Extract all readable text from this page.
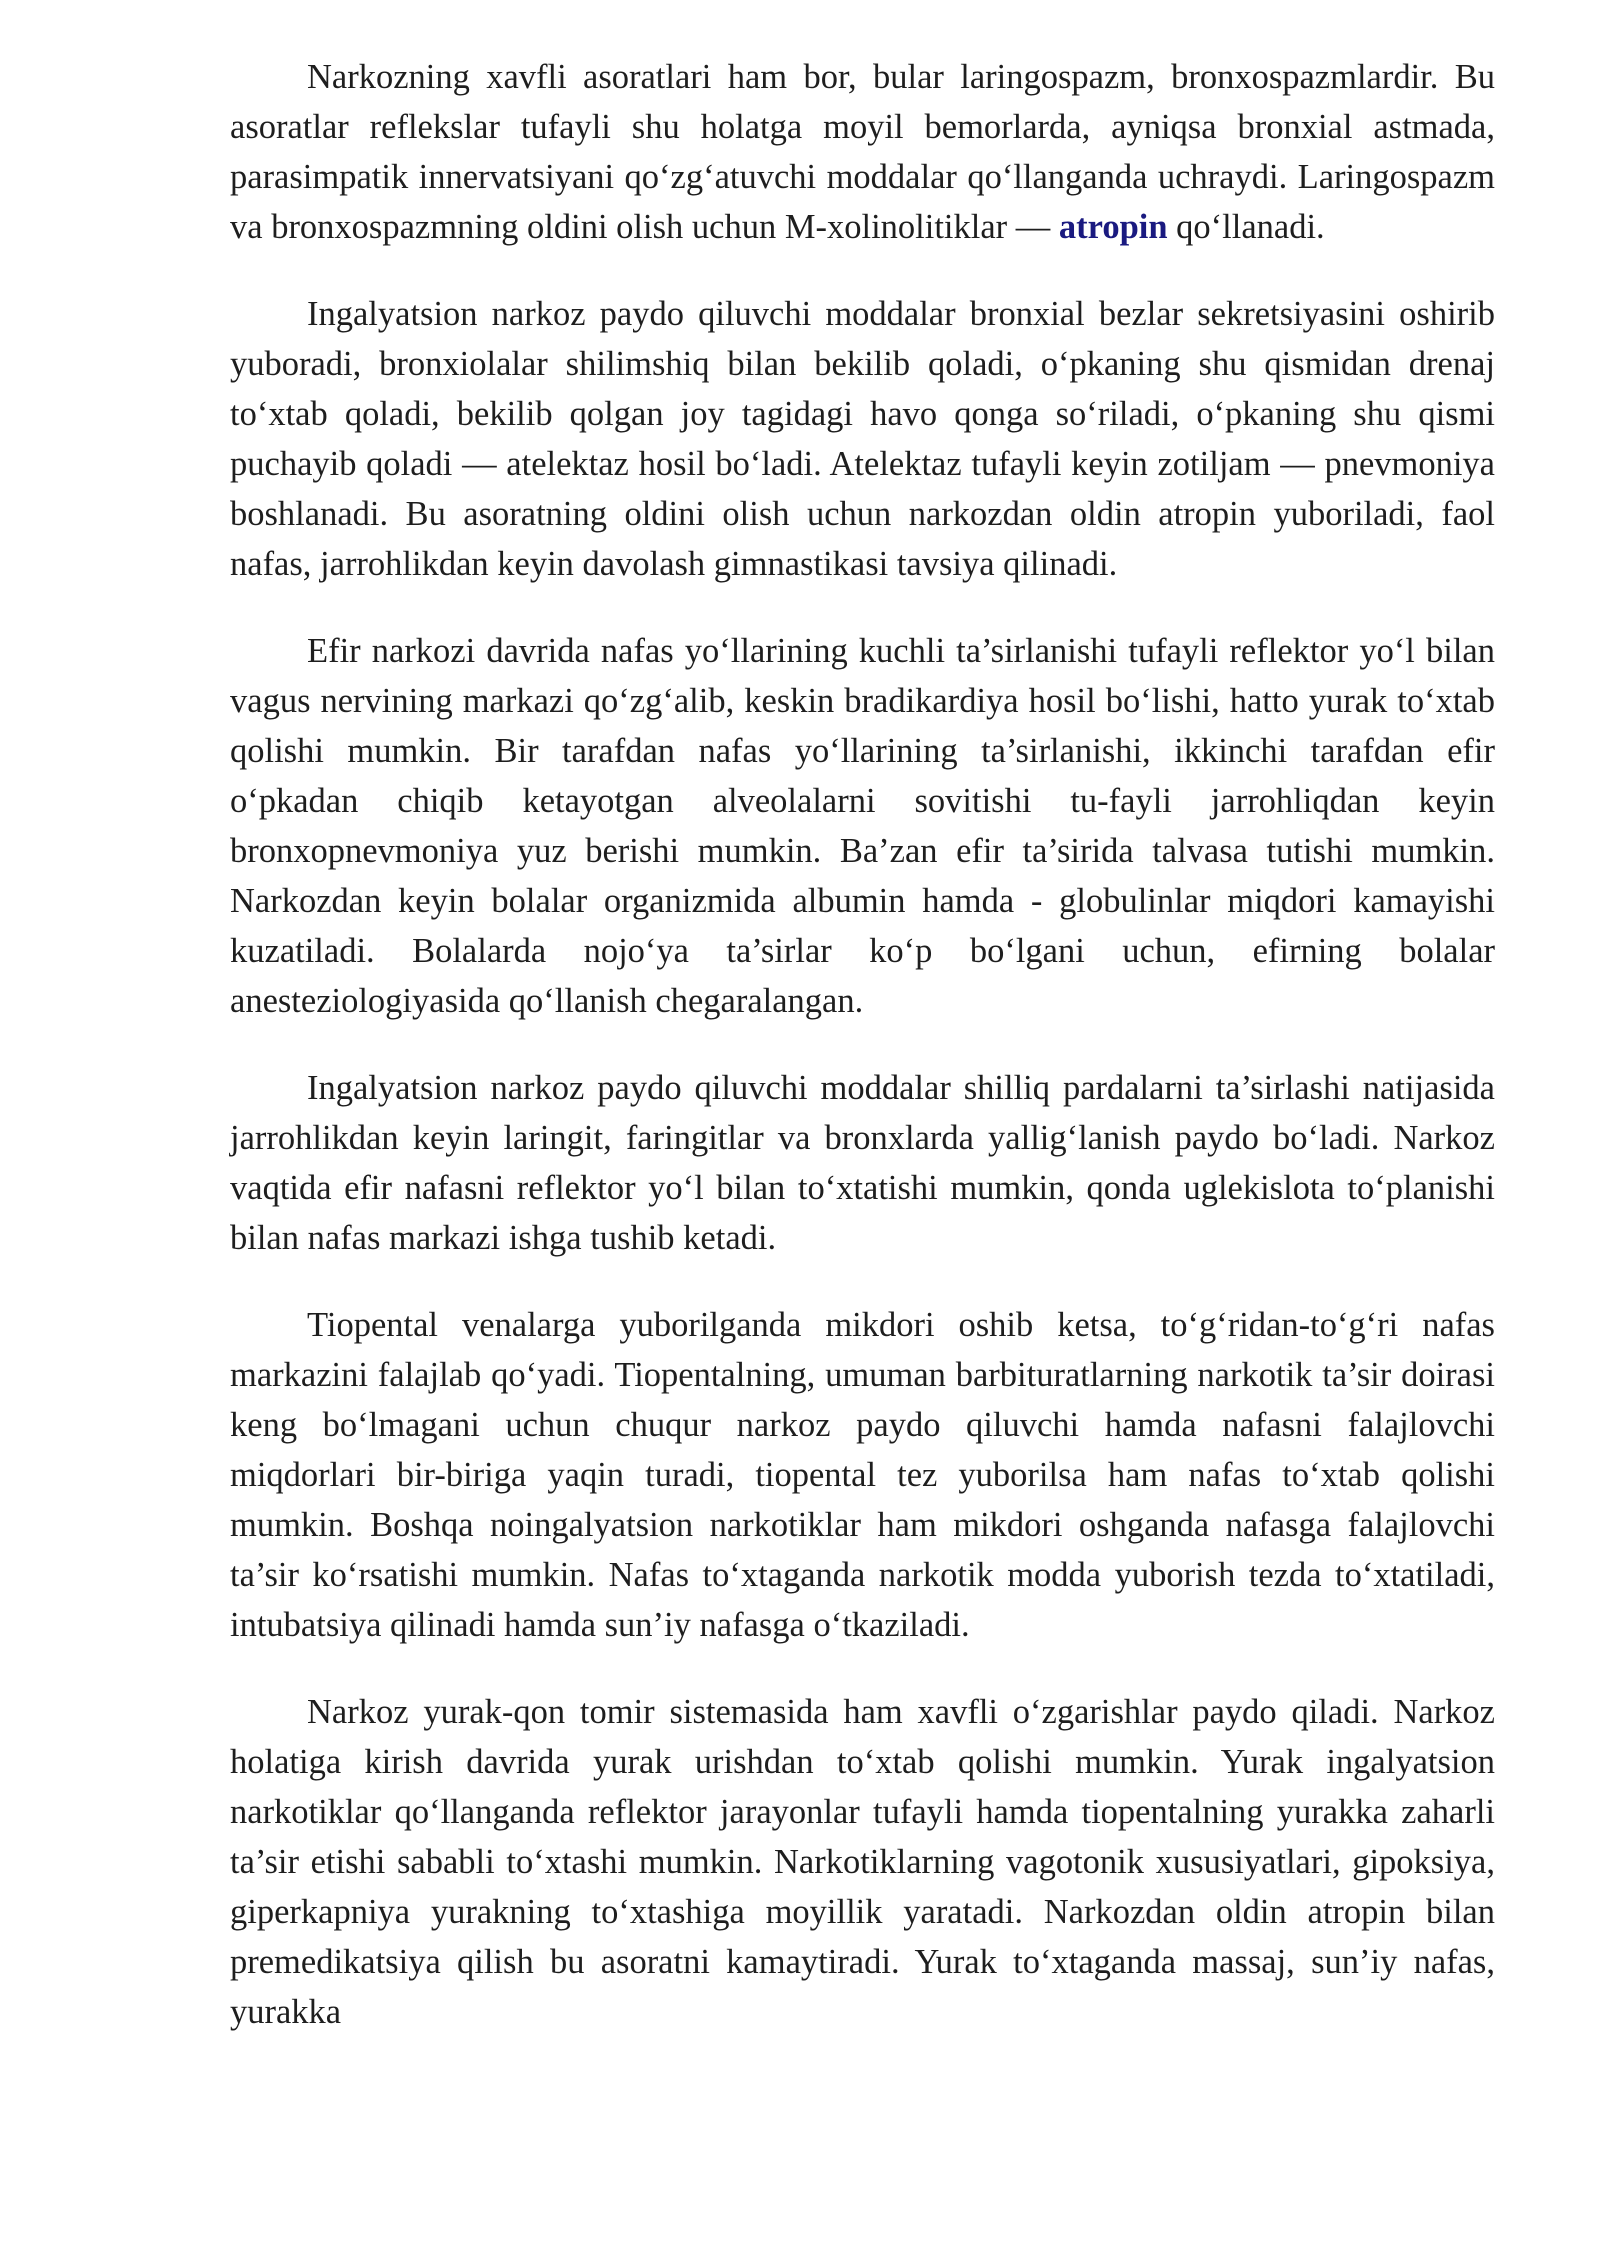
Narkozning xavfli asoratlari ham bor, bular laringospazm, bronxospazmlardir. Bu asoratlar reflekslar tufayli shu holatga moyil bemorlarda, ayniqsa bronxial astmada, parasimpatik innervatsiyani qo‘zg‘atuvchi moddalar qo‘llanganda uchraydi. Laringospazm va bronxospazmning oldini olish uchun M-xolinolitiklar — atropin qo‘llanadi.

Ingalyatsion narkoz paydo qiluvchi moddalar bronxial bezlar sekretsiyasini oshirib yuboradi, bronxiolalar shilimshiq bilan bekilib qoladi, o‘pkaning shu qismidan drenaj to‘xtab qoladi, bekilib qolgan joy tagidagi havo qonga so‘riladi, o‘pkaning shu qismi puchayib qoladi — atelektaz hosil bo‘ladi. Atelektaz tufayli keyin zotiljam — pnevmoniya boshlanadi. Bu asoratning oldini olish uchun narkozdan oldin atropin yuboriladi, faol nafas, jarrohlikdan keyin davolash gimnastikasi tavsiya qilinadi.

Efir narkozi davrida nafas yo‘llarining kuchli ta’sirlanishi tufayli reflektor yo‘l bilan vagus nervining markazi qo‘zg‘alib, keskin bradikardiya hosil bo‘lishi, hatto yurak to‘xtab qolishi mumkin. Bir tarafdan nafas yo‘llarining ta’sirlanishi, ikkinchi tarafdan efir o‘pkadan chiqib ketayotgan alveolalarni sovitishi tu-fayli jarrohliqdan keyin bronxopnevmoniya yuz berishi mumkin. Ba’zan efir ta’sirida talvasa tutishi mumkin. Narkozdan keyin bolalar organizmida albumin hamda - globulinlar miqdori kamayishi kuzatiladi. Bolalarda nojo‘ya ta’sirlar ko‘p bo‘lgani uchun, efirning bolalar anesteziologiyasida qo‘llanish chegaralangan.

Ingalyatsion narkoz paydo qiluvchi moddalar shilliq pardalarni ta’sirlashi natijasida jarrohlikdan keyin laringit, faringitlar va bronxlarda yallig‘lanish paydo bo‘ladi. Narkoz vaqtida efir nafasni reflektor yo‘l bilan to‘xtatishi mumkin, qonda uglekislota to‘planishi bilan nafas markazi ishga tushib ketadi.

Tiopental venalarga yuborilganda mikdori oshib ketsa, to‘g‘ridan-to‘g‘ri nafas markazini falajlab qo‘yadi. Tiopentalning, umuman barbituratlarning narkotik ta’sir doirasi keng bo‘lmagani uchun chuqur narkoz paydo qiluvchi hamda nafasni falajlovchi miqdorlari bir-biriga yaqin turadi, tiopental tez yuborilsa ham nafas to‘xtab qolishi mumkin. Boshqa noingalyatsion narkotiklar ham mikdori oshganda nafasga falajlovchi ta’sir ko‘rsatishi mumkin. Nafas to‘xtaganda narkotik modda yuborish tezda to‘xtatiladi, intubatsiya qilinadi hamda sun’iy nafasga o‘tkaziladi.

Narkoz yurak-qon tomir sistemasida ham xavfli o‘zgarishlar paydo qiladi. Narkoz holatiga kirish davrida yurak urishdan to‘xtab qolishi mumkin. Yurak ingalyatsion narkotiklar qo‘llanganda reflektor jarayonlar tufayli hamda tiopentalning yurakka zaharli ta’sir etishi sababli to‘xtashi mumkin. Narkotiklarning vagotonik xususiyatlari, gipoksiya, giperkapniya yurakning to‘xtashiga moyillik yaratadi. Narkozdan oldin atropin bilan premedikatsiya qilish bu asoratni kamaytiradi. Yurak to‘xtaganda massaj, sun’iy nafas, yurakka
